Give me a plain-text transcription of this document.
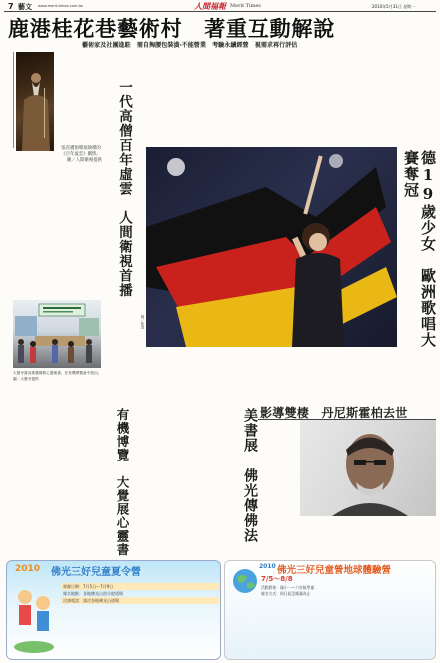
7 藝文 www.merit-times.com.tw	人間福報 Merit Times	2010年5月31日 星期一
鹿港桂花巷藝術村　著重互動解說
藝術家及社團進駐　需自掏腰包裝潢‧不能營業　考驗永續經營　視需求再行評估
張省邁預導演執導的《百年虛雲》劇照。
圖／人間衛視提供	一代高僧百年虛雲　人間衛視首播
大覺寺書局推廣佛教心靈叢書，在有機博覽會中展出。 圖／大覺寺提供
有機博覽　大覺展心靈書
圖／路透	德19歲少女　歐洲歌唱大賽奪冠
美書展　佛光傳佛法 影導雙棲　丹尼斯霍柏去世
2010 佛光三好兒童夏令營
營隊日期：7月5日～7月9日
報名地點：各地佛光山別分院道場
洽詢電話：請洽各地佛光山道場
2010 佛光三好兒童營地球體驗營
7/5～8/8
活動對象：國小一～六年級學童
報名方式：即日起至額滿為止
